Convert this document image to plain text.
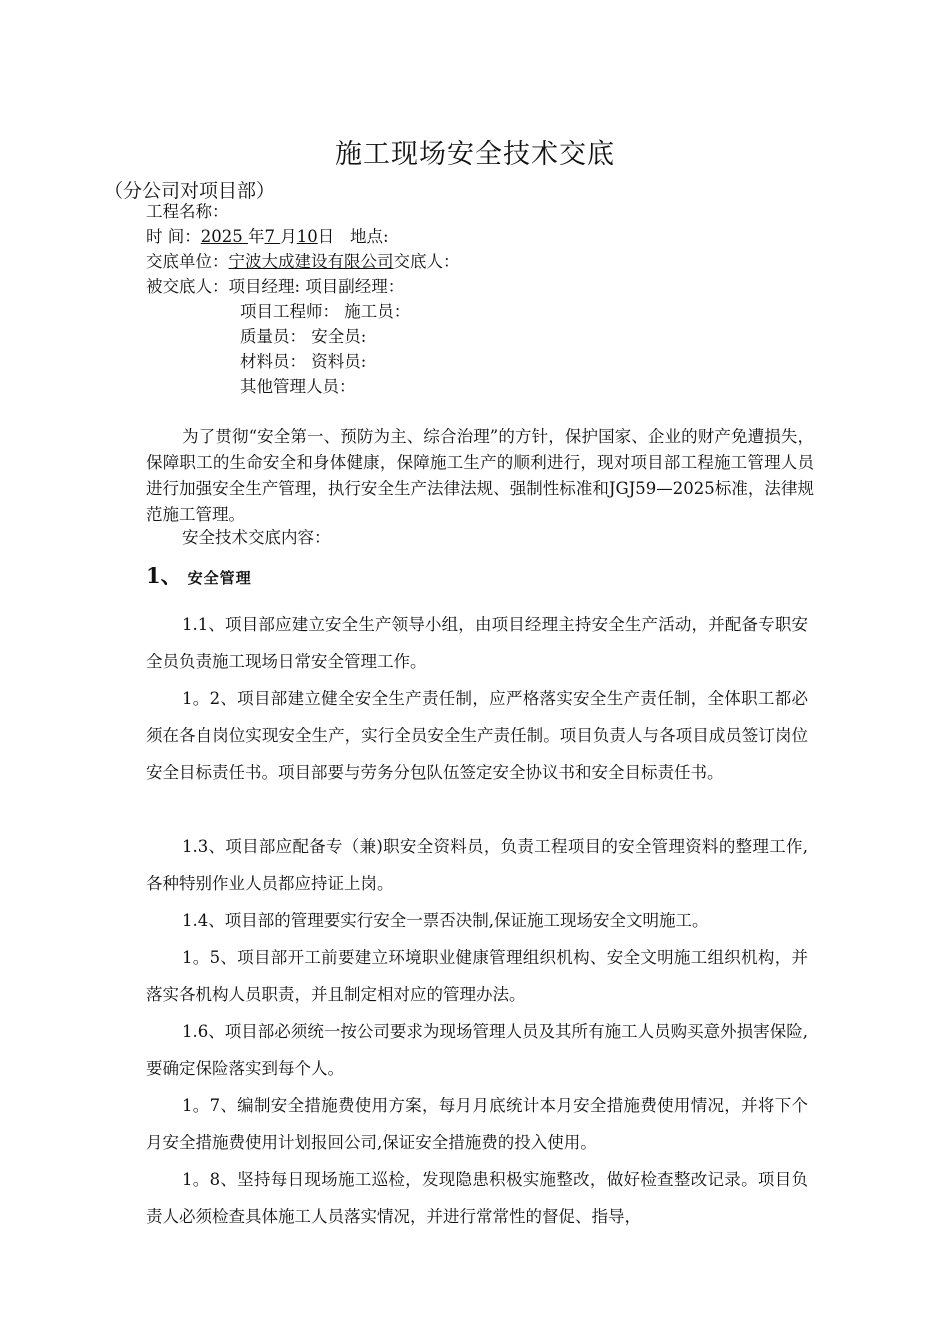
施工现场安全技术交底
（分公司对项目部）
工程名称：
时 间：2025 年7 月10日 地点:
交底单位：宁波大成建设有限公司交底人：
被交底人：项目经理: 项目副经理：
项目工程师： 施工员：
质量员： 安全员:
材料员： 资料员:
其他管理人员：
为了贯彻“安全第一、预防为主、综合治理”的方针，保护国家、企业的财产免遭损失，保障职工的生命安全和身体健康，保障施工生产的顺利进行，现对项目部工程施工管理人员进行加强安全生产管理，执行安全生产法律法规、强制性标准和JGJ59—2025标准，法律规范施工管理。
安全技术交底内容：
1、 安全管理
1.1、项目部应建立安全生产领导小组，由项目经理主持安全生产活动，并配备专职安全员负责施工现场日常安全管理工作。
1。2、项目部建立健全安全生产责任制，应严格落实安全生产责任制，全体职工都必须在各自岗位实现安全生产，实行全员安全生产责任制。项目负责人与各项目成员签订岗位安全目标责任书。项目部要与劳务分包队伍签定安全协议书和安全目标责任书。
1.3、项目部应配备专（兼)职安全资料员，负责工程项目的安全管理资料的整理工作,各种特别作业人员都应持证上岗。
1.4、项目部的管理要实行安全一票否决制,保证施工现场安全文明施工。
1。5、项目部开工前要建立环境职业健康管理组织机构、安全文明施工组织机构，并落实各机构人员职责，并且制定相对应的管理办法。
1.6、项目部必须统一按公司要求为现场管理人员及其所有施工人员购买意外损害保险,要确定保险落实到每个人。
1。7、编制安全措施费使用方案，每月月底统计本月安全措施费使用情况，并将下个月安全措施费使用计划报回公司,保证安全措施费的投入使用。
1。8、坚持每日现场施工巡检，发现隐患积极实施整改，做好检查整改记录。项目负责人必须检查具体施工人员落实情况，并进行常常性的督促、指导，
